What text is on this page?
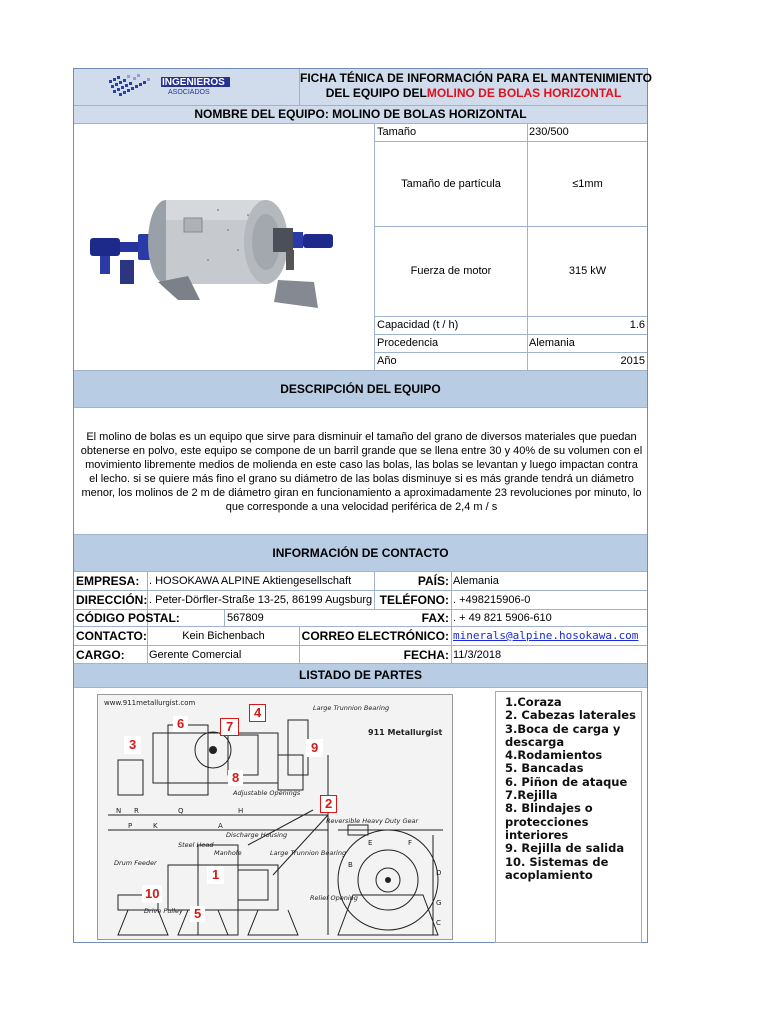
INGENIEROS
ASOCIADOS
FICHA TÉNICA DE INFORMACIÓN PARA EL MANTENIMIENTO
DEL EQUIPO DELMOLINO DE BOLAS HORIZONTAL
NOMBRE DEL EQUIPO: MOLINO DE BOLAS HORIZONTAL
Tamaño	230/500
Tamaño de partícula	≤1mm
Fuerza de motor	315 kW
Capacidad (t / h)	1.6
Procedencia	Alemania
Año	2015
DESCRIPCIÓN DEL EQUIPO
El molino de bolas es un equipo que sirve para disminuir el tamaño del grano de diversos materiales que puedan obtenerse en polvo, este equipo se compone de un barril grande que se llena entre 30 y 40% de su volumen con el movimiento libremente medios de molienda en este caso las bolas, las bolas se levantan y luego impactan contra el lecho. si se quiere más fino el grano su diámetro de las bolas disminuye si es más grande tendrá un diámetro menor, los molinos de 2 m de diámetro giran en funcionamiento a aproximadamente 23 revoluciones por minuto, lo que corresponde a una velocidad periférica de 2,4 m / s
INFORMACIÓN DE CONTACTO
EMPRESA: . HOSOKAWA ALPINE Aktiengesellschaft	PAÍS: Alemania
DIRECCIÓN: . Peter-Dörfler-Straße 13-25, 86199 Augsburg TELÉFONO: . +498215906-0
CÓDIGO POSTAL:	567809	FAX: . + 49 821 5906-610
CONTACTO:	Kein Bichenbach	CORREO ELECTRÓNICO: minerals@alpine.hosokawa.com
CARGO: Gerente Comercial	FECHA: 11/3/2018
LISTADO DE PARTES
www.911metallurgist.com
911 Metallurgist
Large Trunnion Bearing
Adjustable Openings
Discharge Housing
Reversible Heavy Duty Gear
Steel Head
Manhole	Large Trunnion Bearing
Drum Feeder
Drive Pulley
Relief Opening
N R	Q	H
P	K	A
E	F
B
G
C
D
1
2
3
4
5
6	7
8
9
10
1.Coraza
2. Cabezas laterales
3.Boca de carga y descarga
4.Rodamientos
5. Bancadas
6. Piñon de ataque
7.Rejilla
8. Blindajes o protecciones interiores
9. Rejilla de salida
10. Sistemas de acoplamiento
